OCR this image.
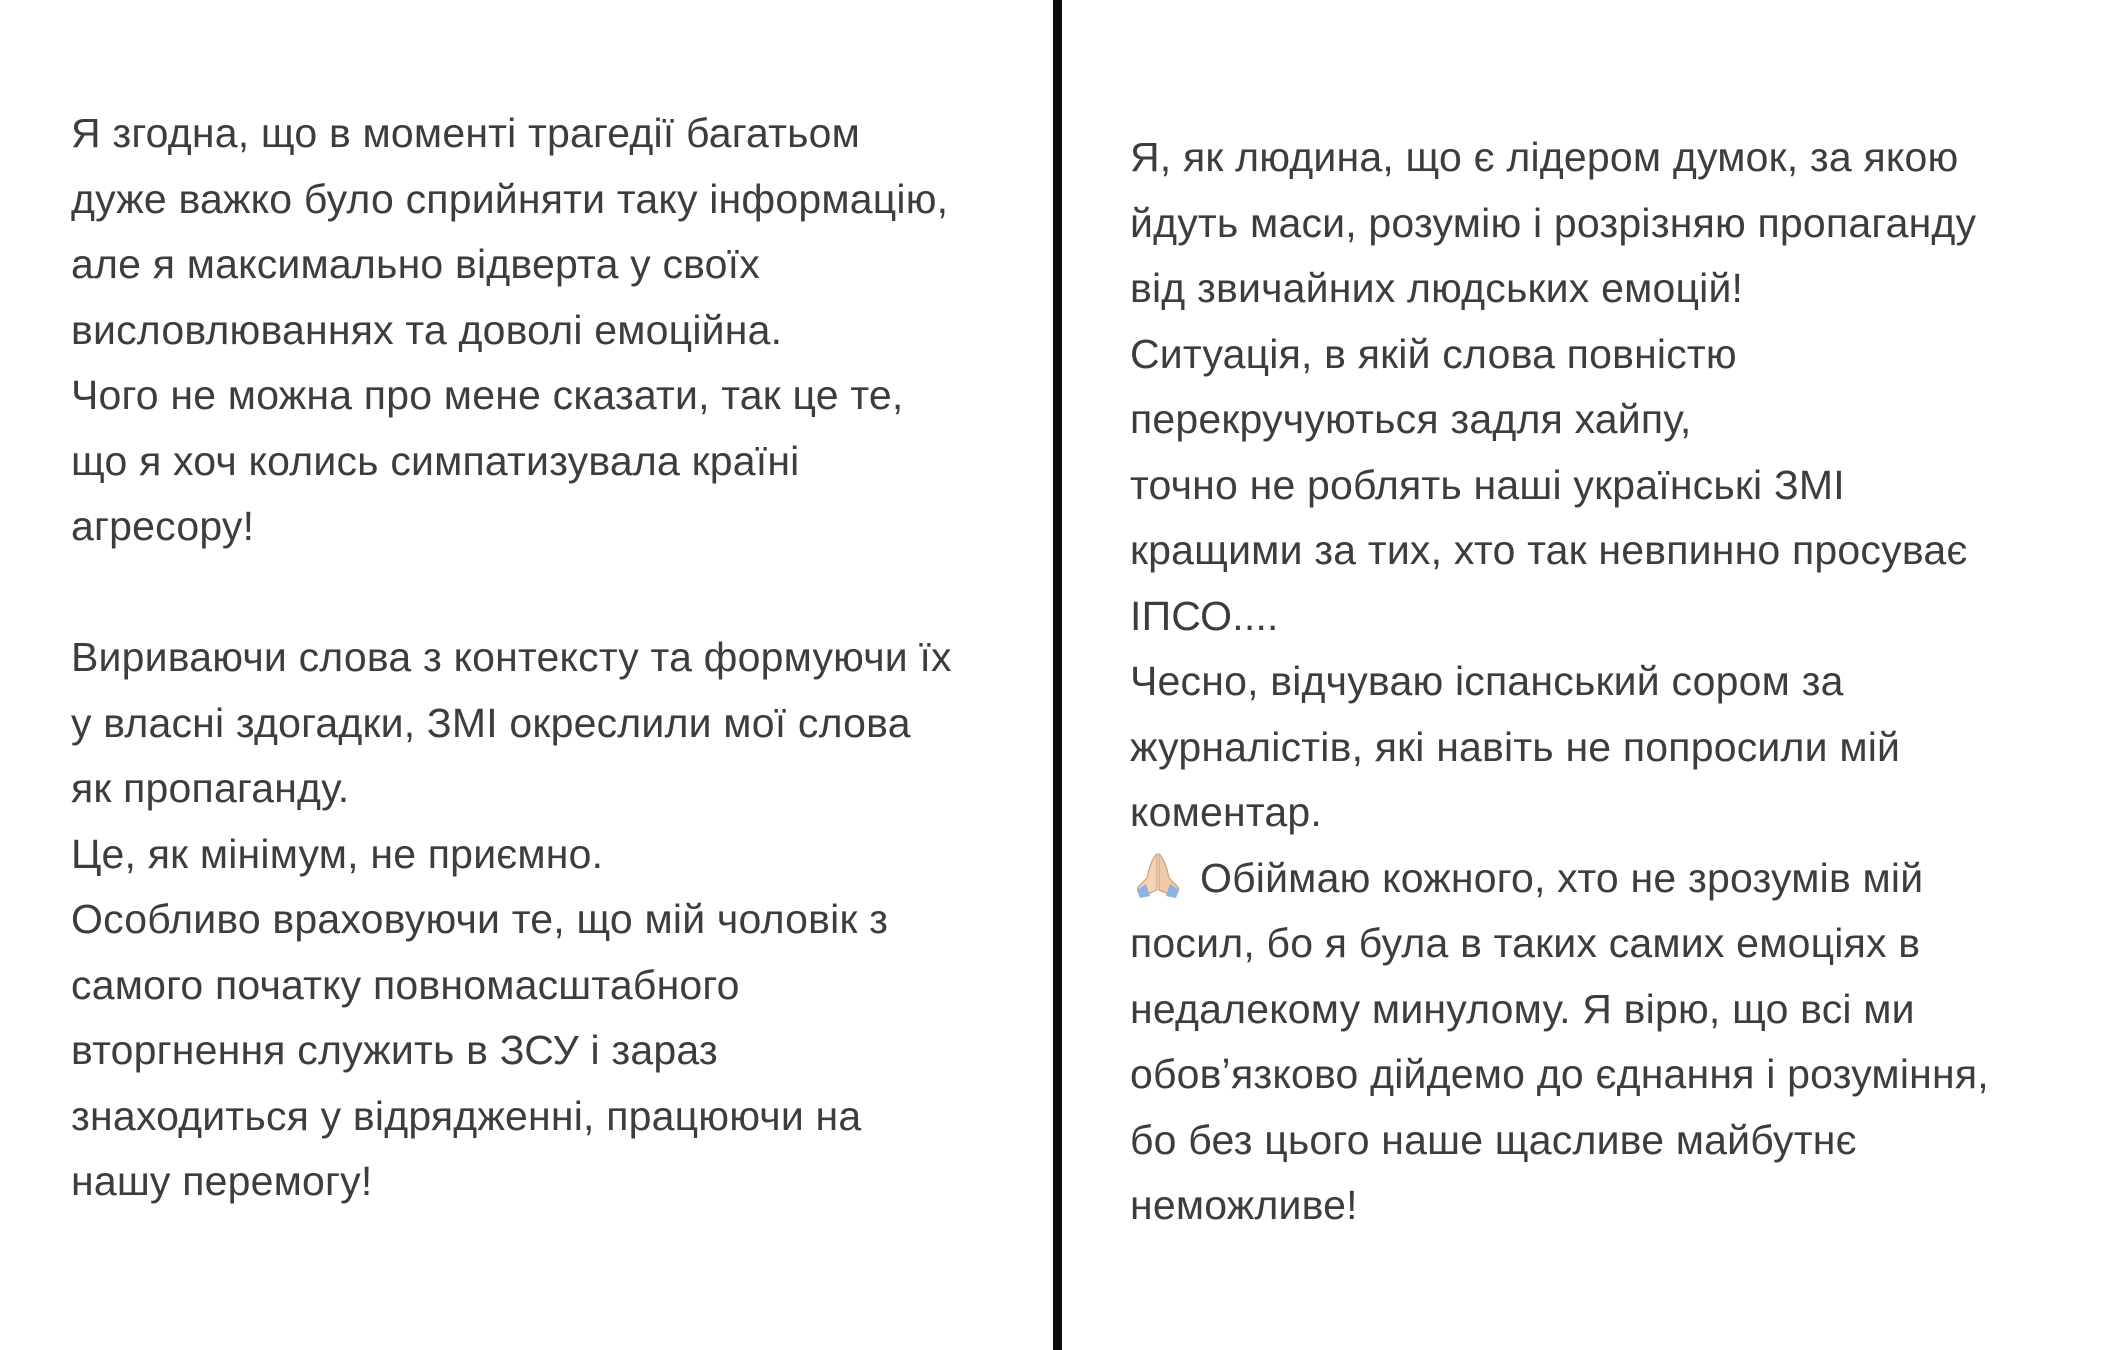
Я згодна, що в моменті трагедії багатьом
дуже важко було сприйняти таку інформацію,
але я максимально відверта у своїх
висловлюваннях та доволі емоційна.
Чого не можна про мене сказати, так це те,
що я хоч колись симпатизувала країні
агресору!
Вириваючи слова з контексту та формуючи їх
у власні здогадки, ЗМІ окреслили мої слова
як пропаганду.
Це, як мінімум, не приємно.
Особливо враховуючи те, що мій чоловік з
самого початку повномасштабного
вторгнення служить в ЗСУ і зараз
знаходиться у відрядженні, працюючи на
нашу перемогу!
Я, як людина, що є лідером думок, за якою
йдуть маси, розумію і розрізняю пропаганду
від звичайних людських емоцій!
Ситуація, в якій слова повністю
перекручуються задля хайпу,
точно не роблять наші українські ЗМІ
кращими за тих, хто так невпинно просуває
ІПСО....
Чесно, відчуваю іспанський сором за
журналістів, які навіть не попросили мій
коментар.
Обіймаю кожного, хто не зрозумів мій
посил, бо я була в таких самих емоціях в
недалекому минулому. Я вірю, що всі ми
обовʼязково дійдемо до єднання і розуміння,
бо без цього наше щасливе майбутнє
неможливе!
